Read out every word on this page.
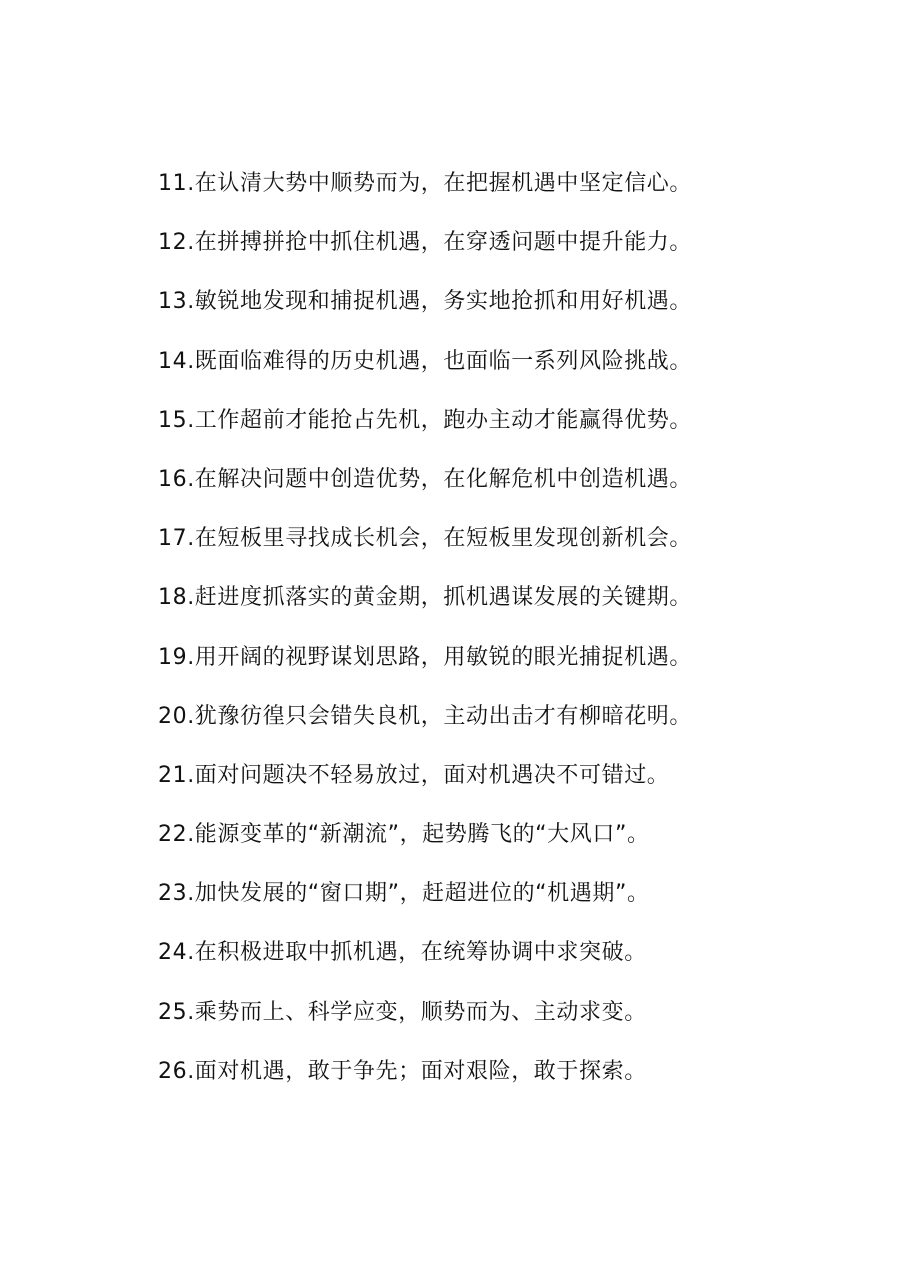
11.在认清大势中顺势而为，在把握机遇中坚定信心。
12.在拼搏拼抢中抓住机遇，在穿透问题中提升能力。
13.敏锐地发现和捕捉机遇，务实地抢抓和用好机遇。
14.既面临难得的历史机遇，也面临一系列风险挑战。
15.工作超前才能抢占先机，跑办主动才能赢得优势。
16.在解决问题中创造优势，在化解危机中创造机遇。
17.在短板里寻找成长机会，在短板里发现创新机会。
18.赶进度抓落实的黄金期，抓机遇谋发展的关键期。
19.用开阔的视野谋划思路，用敏锐的眼光捕捉机遇。
20.犹豫彷徨只会错失良机，主动出击才有柳暗花明。
21.面对问题决不轻易放过，面对机遇决不可错过。
22.能源变革的“新潮流”，起势腾飞的“大风口”。
23.加快发展的“窗口期”，赶超进位的“机遇期”。
24.在积极进取中抓机遇，在统筹协调中求突破。
25.乘势而上、科学应变，顺势而为、主动求变。
26.面对机遇，敢于争先；面对艰险，敢于探索。
